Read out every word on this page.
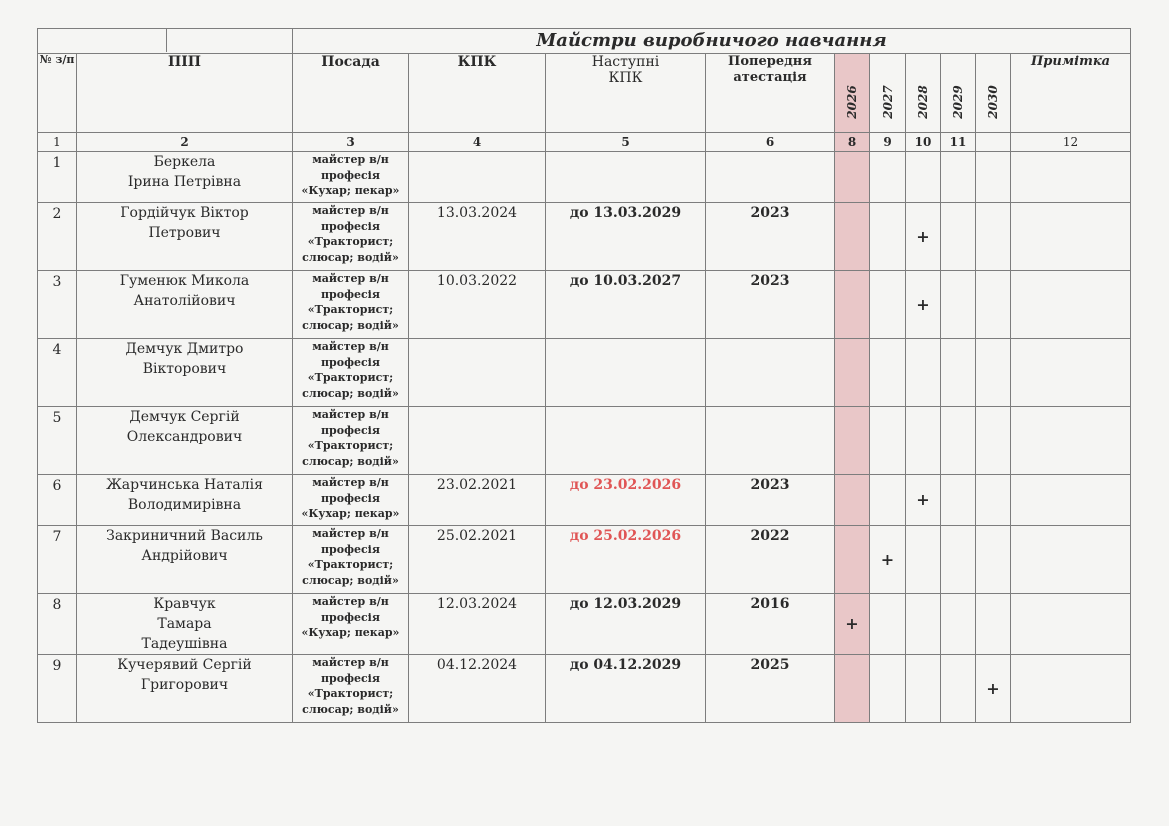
		Майстри виробничого навчання									

№ з/п	ПІП	Посада	КПК	Наступні КПК	Попередня атестація	2026	2027	2028	2029	2030	Примітка
1	2	3	4	5	6	8	9	10	11		12
1	Беркела
Ірина Петрівна	майстер в/н
професія
«Кухар; пекар»									

2	Гордійчук Віктор
Петрович	майстер в/н
професія
«Тракторист;
слюсар; водій»	13.03.2024	до 13.03.2029	2023			+			
3	Гуменюк Микола
Анатолійович	майстер в/н
професія
«Тракторист;
слюсар; водій»	10.03.2022	до 10.03.2027	2023			+			
4	Демчук Дмитро
Вікторович	майстер в/н
професія
«Тракторист;
слюсар; водій»									

5	Демчук Сергій
Олександрович	майстер в/н
професія
«Тракторист;
слюсар; водій»									

6	Жарчинська Наталія
Володимирівна	майстер в/н
професія
«Кухар; пекар»	23.02.2021	до 23.02.2026	2023			+			
7	Закриничний Василь
Андрійович	майстер в/н
професія
«Тракторист;
слюсар; водій»	25.02.2021	до 25.02.2026	2022		+				
8	Кравчук
Тамара
Тадеушівна	майстер в/н
професія
«Кухар; пекар»	12.03.2024	до 12.03.2029	2016	+					
9	Кучерявий Сергій
Григорович	майстер в/н
професія
«Тракторист;
слюсар; водій»	04.12.2024	до 04.12.2029	2025					+	
